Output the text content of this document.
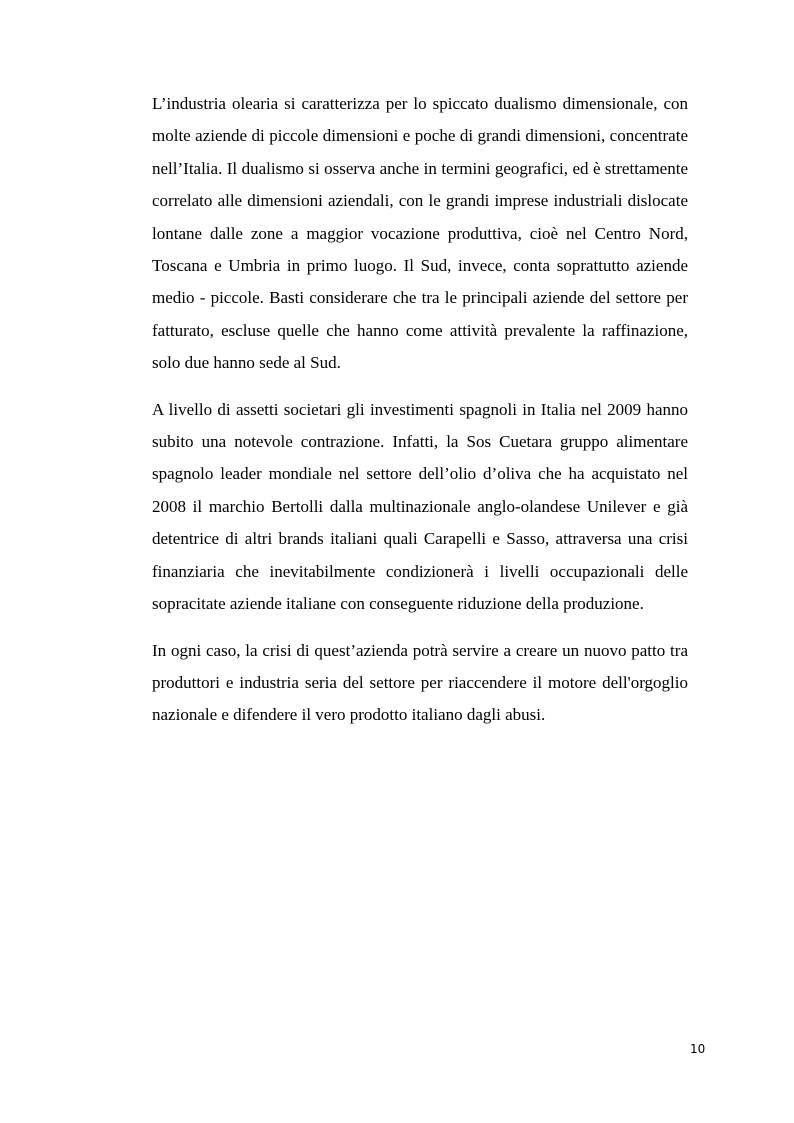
L’industria olearia si caratterizza per lo spiccato dualismo dimensionale, con molte aziende di piccole dimensioni e poche di grandi dimensioni, concentrate nell’Italia. Il dualismo si osserva anche in termini geografici, ed è strettamente correlato alle dimensioni aziendali, con le grandi imprese industriali dislocate lontane dalle zone a maggior vocazione produttiva, cioè nel Centro Nord, Toscana e Umbria in primo luogo. Il Sud, invece, conta soprattutto aziende medio - piccole. Basti considerare che tra le principali aziende del settore per fatturato, escluse quelle che hanno come attività prevalente la raffinazione, solo due hanno sede al Sud.

A livello di assetti societari gli investimenti spagnoli in Italia nel 2009 hanno subito una notevole contrazione. Infatti, la Sos Cuetara gruppo alimentare spagnolo leader mondiale nel settore dell’olio d’oliva che ha acquistato nel 2008 il marchio Bertolli dalla multinazionale anglo-olandese Unilever e già detentrice di altri brands italiani quali Carapelli e Sasso, attraversa una crisi finanziaria che inevitabilmente condizionerà i livelli occupazionali delle sopracitate aziende italiane con conseguente riduzione della produzione.

In ogni caso, la crisi di quest’azienda potrà servire a creare un nuovo patto tra produttori e industria seria del settore per riaccendere il motore dell'orgoglio nazionale e difendere il vero prodotto italiano dagli abusi.

10
